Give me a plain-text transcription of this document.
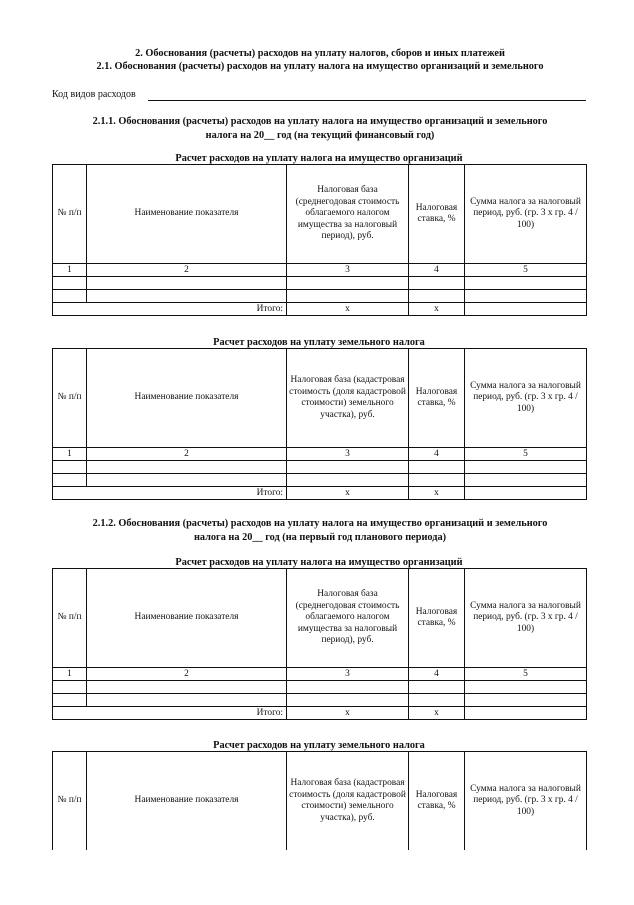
2. Обоснования (расчеты) расходов на уплату налогов, сборов и иных платежей
2.1. Обоснования (расчеты) расходов на уплату налога на имущество организаций и земельного
Код видов расходов
2.1.1. Обоснования (расчеты) расходов на уплату налога на имущество организаций и земельного
налога на 20__ год (на текущий финансовый год)
Расчет расходов на уплату налога на имущество организаций
№ п/п	Наименование показателя	Налоговая база (среднегодовая стоимость облагаемого налогом имущества за налоговый период), руб.	Налоговая ставка, %	Сумма налога за налоговый период, руб. (гр. 3 х гр. 4 / 100)
1	2	3	4	5

Итого:		x	x	
Расчет расходов на уплату земельного налога
№ п/п	Наименование показателя	Налоговая база (кадастровая стоимость (доля кадастровой стоимости) земельного участка), руб.	Налоговая ставка, %	Сумма налога за налоговый период, руб. (гр. 3 х гр. 4 / 100)
1	2	3	4	5

Итого:		x	x	
2.1.2. Обоснования (расчеты) расходов на уплату налога на имущество организаций и земельного
налога на 20__ год (на первый год планового периода)
Расчет расходов на уплату налога на имущество организаций
№ п/п	Наименование показателя	Налоговая база (среднегодовая стоимость облагаемого налогом имущества за налоговый период), руб.	Налоговая ставка, %	Сумма налога за налоговый период, руб. (гр. 3 х гр. 4 / 100)
1	2	3	4	5

Итого:		x	x	
Расчет расходов на уплату земельного налога
№ п/п	Наименование показателя	Налоговая база (кадастровая стоимость (доля кадастровой стоимости) земельного участка), руб.	Налоговая ставка, %	Сумма налога за налоговый период, руб. (гр. 3 х гр. 4 / 100)
